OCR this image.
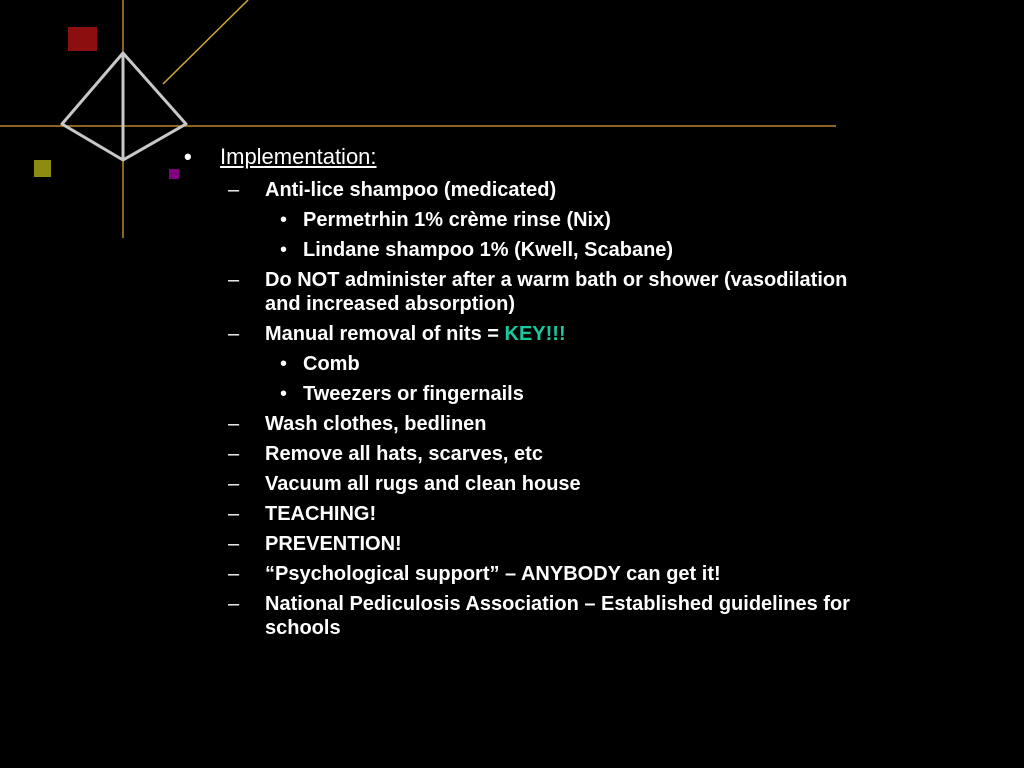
• Implementation:
– Anti-lice shampoo (medicated)
• Permetrhin 1% crème rinse (Nix)
• Lindane shampoo 1% (Kwell, Scabane)
– Do NOT administer after a warm bath or shower (vasodilation
and increased absorption)
– Manual removal of nits = KEY!!!
• Comb
• Tweezers or fingernails
– Wash clothes, bedlinen
– Remove all hats, scarves, etc
– Vacuum all rugs and clean house
– TEACHING!
– PREVENTION!
– “Psychological support” – ANYBODY can get it!
– National Pediculosis Association – Established guidelines for
schools
